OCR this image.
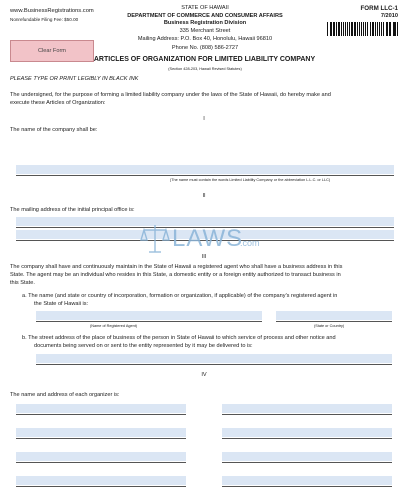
www.BusinessRegistrations.com
Nonrefundable Filing Fee: $50.00
FORM LLC-1
7/2010
Clear Form
STATE OF HAWAII
DEPARTMENT OF COMMERCE AND CONSUMER AFFAIRS
Business Registration Division
335 Merchant Street
Mailing Address: P.O. Box 40, Honolulu, Hawaii 96810
Phone No. (808) 586-2727
ARTICLES OF ORGANIZATION FOR LIMITED LIABILITY COMPANY
(Section 428-203, Hawaii Revised Statutes)
PLEASE TYPE OR PRINT LEGIBLY IN BLACK INK
The undersigned, for the purpose of forming a limited liability company under the laws of the State of Hawaii, do hereby make and
execute these Articles of Organization:
I
The name of the company shall be:
(The name must contain the words Limited Liability Company or the abbreviation L.L.C. or LLC)
II
The mailing address of the initial principal office is:
LAWS
.com
III
The company shall have and continuously maintain in the State of Hawaii a registered agent who shall have a business address in this
State. The agent may be an individual who resides in this State, a domestic entity or a foreign entity authorized to transact business in
this State.
a. The name (and state or country of incorporation, formation or organization, if applicable) of the company's registered agent in
the State of Hawaii is:
(Name of Registered Agent)	(State or Country)
b. The street address of the place of business of the person in State of Hawaii to which service of process and other notice and
documents being served on or sent to the entity represented by it may be delivered to is:
IV
The name and address of each organizer is:
